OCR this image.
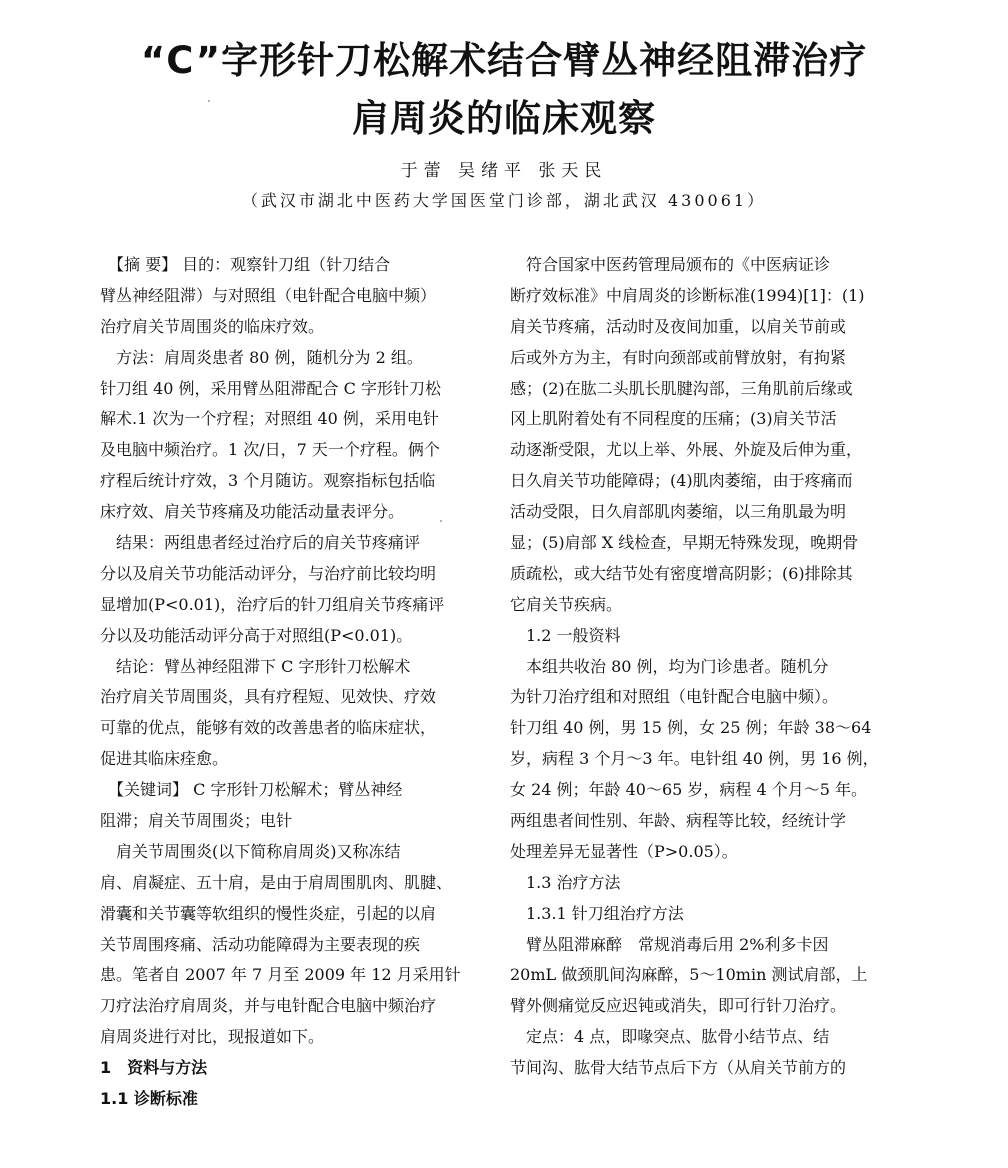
“C”字形针刀松解术结合臂丛神经阻滞治疗
肩周炎的临床观察
于蕾 吴绪平 张天民
（武汉市湖北中医药大学国医堂门诊部，湖北武汉 430061）
　【摘 要】 目的：观察针刀组（针刀结合
臂丛神经阻滞）与对照组（电针配合电脑中频）
治疗肩关节周围炎的临床疗效。
　方法：肩周炎患者 80 例，随机分为 2 组。
针刀组 40 例，采用臂丛阻滞配合 C 字形针刀松
解术.1 次为一个疗程；对照组 40 例，采用电针
及电脑中频治疗。1 次/日，7 天一个疗程。俩个
疗程后统计疗效，3 个月随访。观察指标包括临
床疗效、肩关节疼痛及功能活动量表评分。
　结果：两组患者经过治疗后的肩关节疼痛评
分以及肩关节功能活动评分，与治疗前比较均明
显增加(P<0.01)，治疗后的针刀组肩关节疼痛评
分以及功能活动评分高于对照组(P<0.01)。
　结论：臂丛神经阻滞下 C 字形针刀松解术
治疗肩关节周围炎，具有疗程短、见效快、疗效
可靠的优点，能够有效的改善患者的临床症状，
促进其临床痊愈。
　【关键词】 C 字形针刀松解术；臂丛神经
阻滞；肩关节周围炎；电针
　肩关节周围炎(以下简称肩周炎)又称冻结
肩、肩凝症、五十肩，是由于肩周围肌肉、肌腱、
滑囊和关节囊等软组织的慢性炎症，引起的以肩
关节周围疼痛、活动功能障碍为主要表现的疾
患。笔者自 2007 年 7 月至 2009 年 12 月采用针
刀疗法治疗肩周炎，并与电针配合电脑中频治疗
肩周炎进行对比，现报道如下。
1　资料与方法
1.1 诊断标准
　符合国家中医药管理局颁布的《中医病证诊
断疗效标准》中肩周炎的诊断标准(1994)[1]：(1)
肩关节疼痛，活动时及夜间加重，以肩关节前或
后或外方为主，有时向颈部或前臂放射，有拘紧
感；(2)在肱二头肌长肌腱沟部，三角肌前后缘或
冈上肌附着处有不同程度的压痛；(3)肩关节活
动逐渐受限，尤以上举、外展、外旋及后伸为重，
日久肩关节功能障碍；(4)肌肉萎缩，由于疼痛而
活动受限，日久肩部肌肉萎缩，以三角肌最为明
显；(5)肩部 X 线检查，早期无特殊发现，晚期骨
质疏松，或大结节处有密度增高阴影；(6)排除其
它肩关节疾病。
　1.2 一般资料
　本组共收治 80 例，均为门诊患者。随机分
为针刀治疗组和对照组（电针配合电脑中频）。
针刀组 40 例，男 15 例，女 25 例；年龄 38～64
岁，病程 3 个月～3 年。电针组 40 例，男 16 例，
女 24 例；年龄 40～65 岁，病程 4 个月～5 年。
两组患者间性别、年龄、病程等比较，经统计学
处理差异无显著性（P>0.05）。
　1.3 治疗方法
　1.3.1 针刀组治疗方法
　臂丛阻滞麻醉　常规消毒后用 2%利多卡因
20mL 做颈肌间沟麻醉，5～10min 测试肩部，上
臂外侧痛觉反应迟钝或消失，即可行针刀治疗。
　定点：4 点，即喙突点、肱骨小结节点、结
节间沟、肱骨大结节点后下方（从肩关节前方的
